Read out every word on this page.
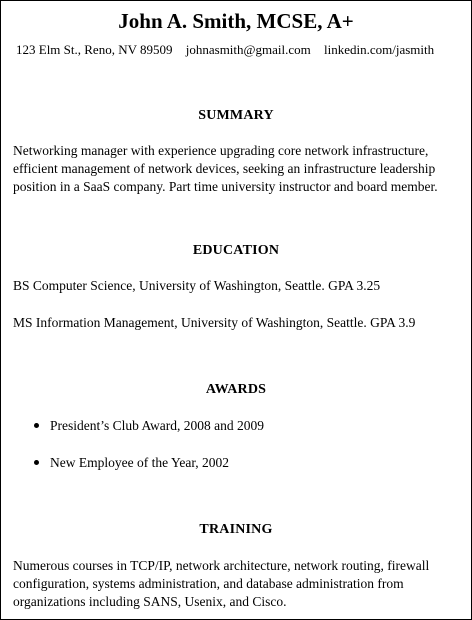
John A. Smith, MCSE, A+
123 Elm St., Reno, NV 89509 johnasmith@gmail.com linkedin.com/jasmith
SUMMARY
Networking manager with experience upgrading core network infrastructure,
efficient management of network devices, seeking an infrastructure leadership
position in a SaaS company. Part time university instructor and board member.
EDUCATION
BS Computer Science, University of Washington, Seattle. GPA 3.25
MS Information Management, University of Washington, Seattle. GPA 3.9
AWARDS
President’s Club Award, 2008 and 2009
New Employee of the Year, 2002
TRAINING
Numerous courses in TCP/IP, network architecture, network routing, firewall
configuration, systems administration, and database administration from
organizations including SANS, Usenix, and Cisco.
